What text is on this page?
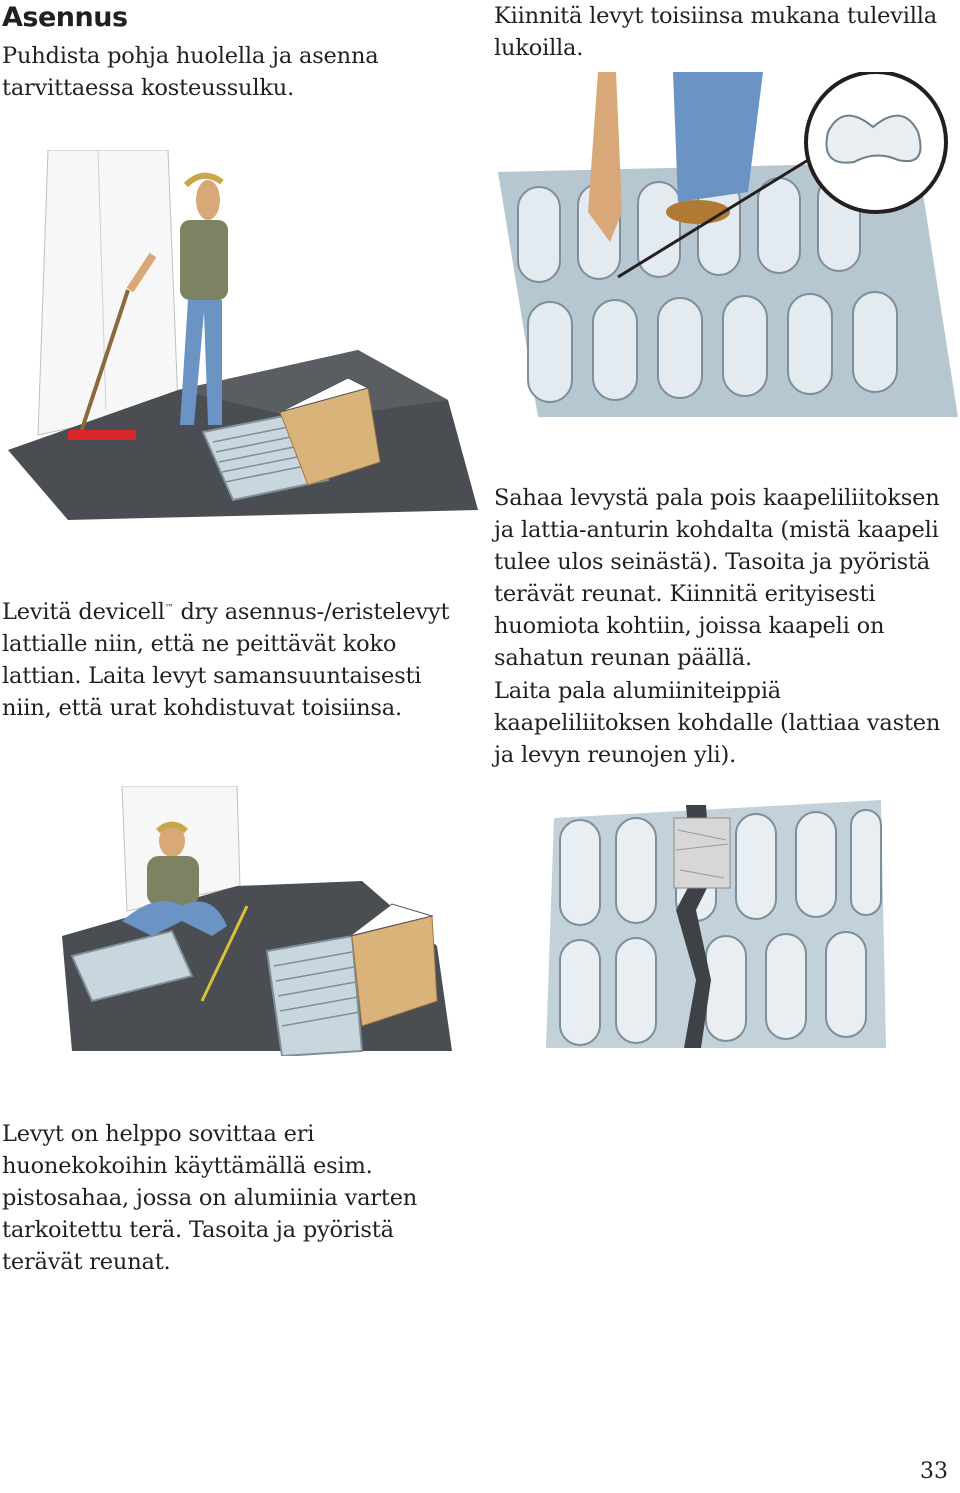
Asennus
Puhdista pohja huolella ja asenna tarvittaessa kosteussulku.
Kiinnitä levyt toisiinsa mukana tulevilla lukoilla.
Levitä devicell™ dry asennus-/eristelevyt lattialle niin, että ne peittävät koko lattian. Laita levyt samansuuntaisesti niin, että urat kohdistuvat toisiinsa.
Sahaa levystä pala pois kaapeliliitoksen ja lattia-anturin kohdalta (mistä kaapeli tulee ulos seinästä). Tasoita ja pyöristä terävät reunat. Kiinnitä erityisesti huomiota kohtiin, joissa kaapeli on sahatun reunan päällä.
Laita pala alumiiniteippiä kaapeliliitoksen kohdalle (lattiaa vasten ja levyn reunojen yli).
Levyt on helppo sovittaa eri huonekokoihin käyttämällä esim. pistosahaa, jossa on alumiinia varten tarkoitettu terä. Tasoita ja pyöristä terävät reunat.
33
